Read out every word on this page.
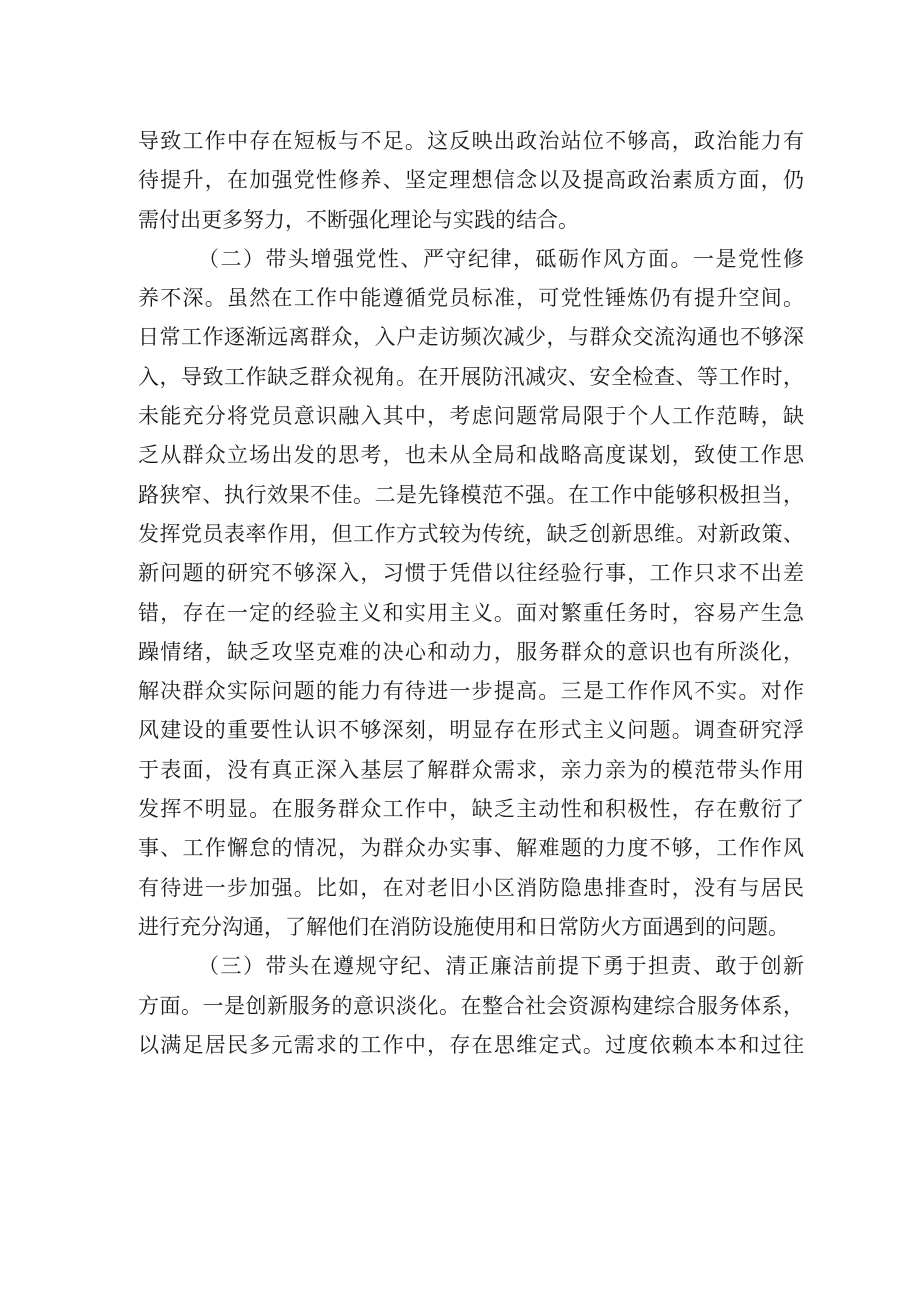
导致工作中存在短板与不足。这反映出政治站位不够高，政治能力有
待提升，在加强党性修养、坚定理想信念以及提高政治素质方面，仍
需付出更多努力，不断强化理论与实践的结合。
（二）带头增强党性、严守纪律，砥砺作风方面。一是党性修
养不深。虽然在工作中能遵循党员标准，可党性锤炼仍有提升空间。
日常工作逐渐远离群众，入户走访频次减少，与群众交流沟通也不够深
入，导致工作缺乏群众视角。在开展防汛减灾、安全检查、等工作时，
未能充分将党员意识融入其中，考虑问题常局限于个人工作范畴，缺
乏从群众立场出发的思考，也未从全局和战略高度谋划，致使工作思
路狭窄、执行效果不佳。二是先锋模范不强。在工作中能够积极担当，
发挥党员表率作用，但工作方式较为传统，缺乏创新思维。对新政策、
新问题的研究不够深入，习惯于凭借以往经验行事，工作只求不出差
错，存在一定的经验主义和实用主义。面对繁重任务时，容易产生急
躁情绪，缺乏攻坚克难的决心和动力，服务群众的意识也有所淡化，
解决群众实际问题的能力有待进一步提高。三是工作作风不实。对作
风建设的重要性认识不够深刻，明显存在形式主义问题。调查研究浮
于表面，没有真正深入基层了解群众需求，亲力亲为的模范带头作用
发挥不明显。在服务群众工作中，缺乏主动性和积极性，存在敷衍了
事、工作懈怠的情况，为群众办实事、解难题的力度不够，工作作风
有待进一步加强。比如，在对老旧小区消防隐患排查时，没有与居民
进行充分沟通，了解他们在消防设施使用和日常防火方面遇到的问题。
（三）带头在遵规守纪、清正廉洁前提下勇于担责、敢于创新
方面。一是创新服务的意识淡化。在整合社会资源构建综合服务体系，
以满足居民多元需求的工作中，存在思维定式。过度依赖本本和过往
